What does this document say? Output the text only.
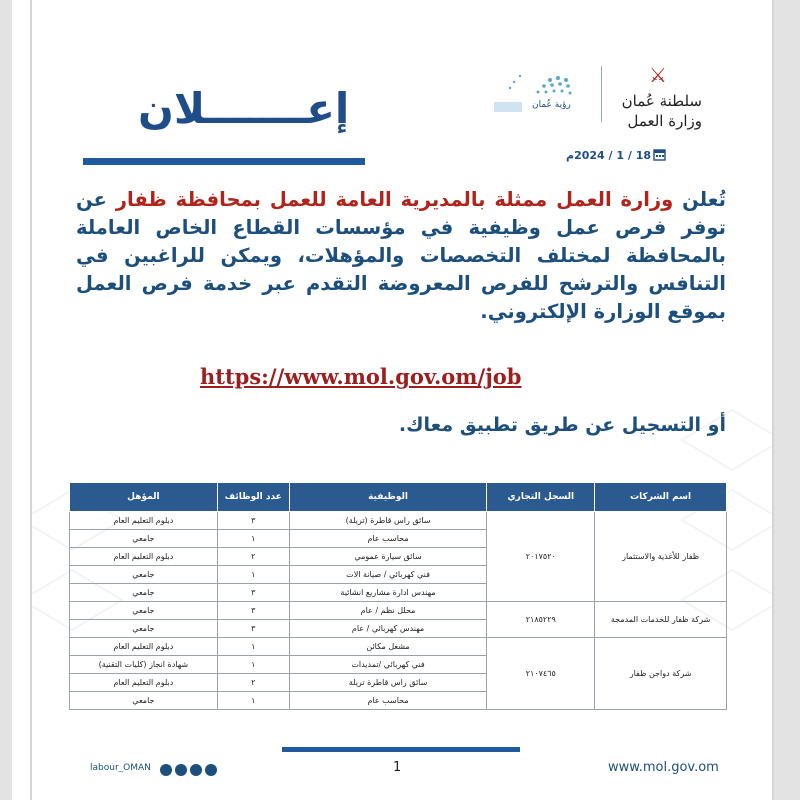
⚔
سلطنة عُمان
وزارة العمل
رؤية عُمان
إعـــــــلان
18 / 1 / 2024م
تُعلن وزارة العمل ممثلة بالمديرية العامة للعمل بمحافظة ظفار عن توفر فرص عمل وظيفية في مؤسسات القطاع الخاص العاملة بالمحافظة لمختلف التخصصات والمؤهلات، ويمكن للراغبين في التنافس والترشح للفرص المعروضة التقدم عبر خدمة فرص العمل بموقع الوزارة الإلكتروني.
https://www.mol.gov.om/job
أو التسجيل عن طريق تطبيق معاك.
اسم الشركات	السجل التجاري	الوظيفية	عدد الوظائف	المؤهل
ظفار للأغذية والاستثمار	٢٠١٧٥٢٠	سائق راس قاطرة (تريلة)	٣	دبلوم التعليم العام
		محاسب عام	١	جامعي
		سائق سيارة عمومي	٢	دبلوم التعليم العام
		فني كهربائي / صيانة الات	١	جامعي
		مهندس ادارة مشاريع انشائية	٣	جامعي
شركة ظفار للخدمات المدمجة	٢١٨٥٢٢٩	محلل نظم / عام	٣	جامعي
		مهندس كهربائي / عام	٣	جامعي
شركة دواجن ظفار	٢١٠٧٤٦٥	مشغل مكائن	١	دبلوم التعليم العام
		فني كهربائي /تمديدات	١	شهادة انجاز (كليات التقنية)
		سائق راس قاطرة تريلة	٢	دبلوم التعليم العام
		محاسب عام	١	جامعي
labour_OMAN	1	www.mol.gov.om
